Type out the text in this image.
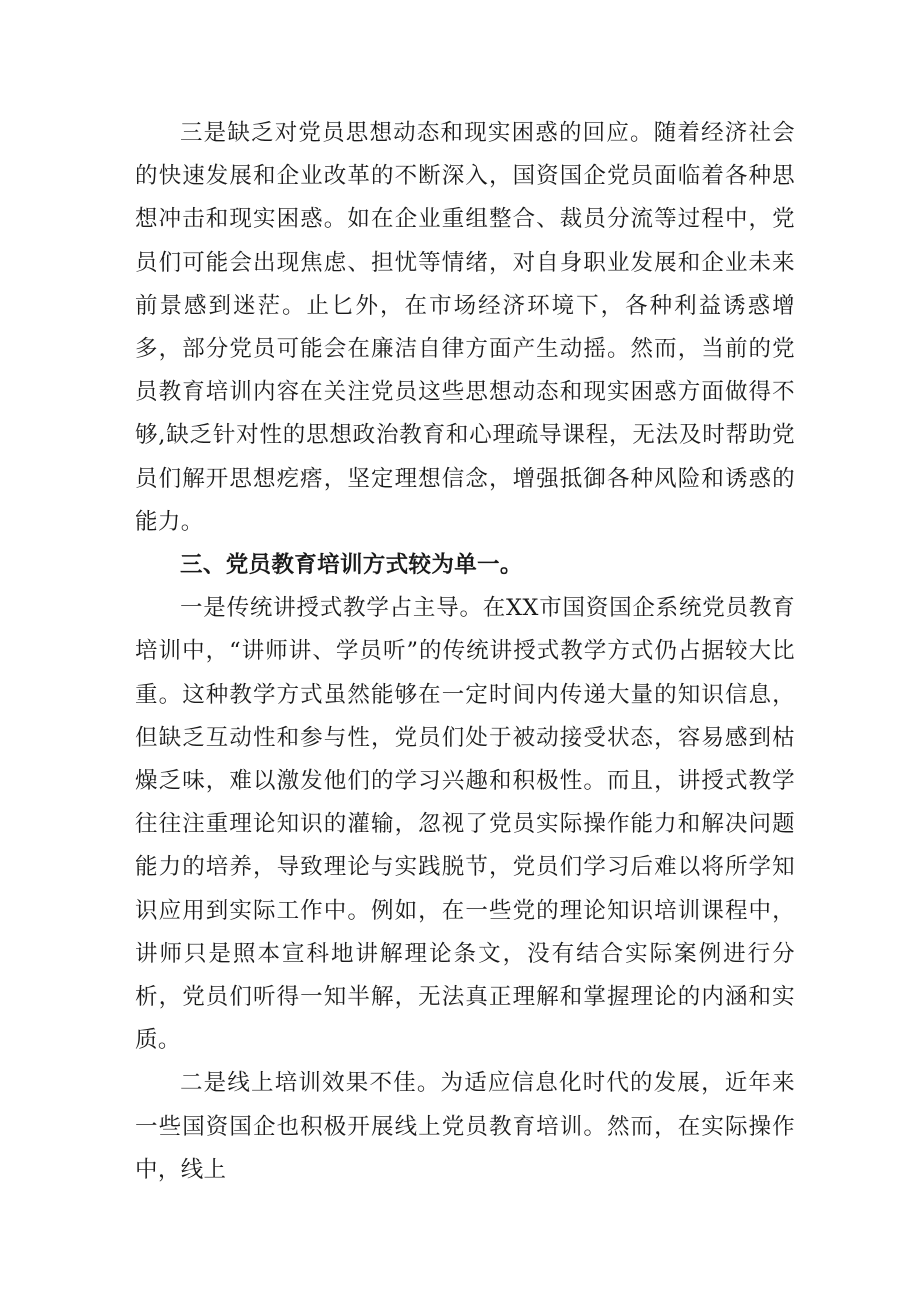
三是缺乏对党员思想动态和现实困惑的回应。随着经济社会的快速发展和企业改革的不断深入，国资国企党员面临着各种思想冲击和现实困惑。如在企业重组整合、裁员分流等过程中，党员们可能会出现焦虑、担忧等情绪，对自身职业发展和企业未来前景感到迷茫。止匕外，在市场经济环境下，各种利益诱惑增多，部分党员可能会在廉洁自律方面产生动摇。然而，当前的党员教育培训内容在关注党员这些思想动态和现实困惑方面做得不够,缺乏针对性的思想政治教育和心理疏导课程，无法及时帮助党员们解开思想疙瘩，坚定理想信念，增强抵御各种风险和诱惑的能力。

三、党员教育培训方式较为单一。

一是传统讲授式教学占主导。在XX市国资国企系统党员教育培训中，“讲师讲、学员听”的传统讲授式教学方式仍占据较大比重。这种教学方式虽然能够在一定时间内传递大量的知识信息，但缺乏互动性和参与性，党员们处于被动接受状态，容易感到枯燥乏味，难以激发他们的学习兴趣和积极性。而且，讲授式教学往往注重理论知识的灌输，忽视了党员实际操作能力和解决问题能力的培养，导致理论与实践脱节，党员们学习后难以将所学知识应用到实际工作中。例如，在一些党的理论知识培训课程中，讲师只是照本宣科地讲解理论条文，没有结合实际案例进行分析，党员们听得一知半解，无法真正理解和掌握理论的内涵和实质。

二是线上培训效果不佳。为适应信息化时代的发展，近年来一些国资国企也积极开展线上党员教育培训。然而，在实际操作中，线上
